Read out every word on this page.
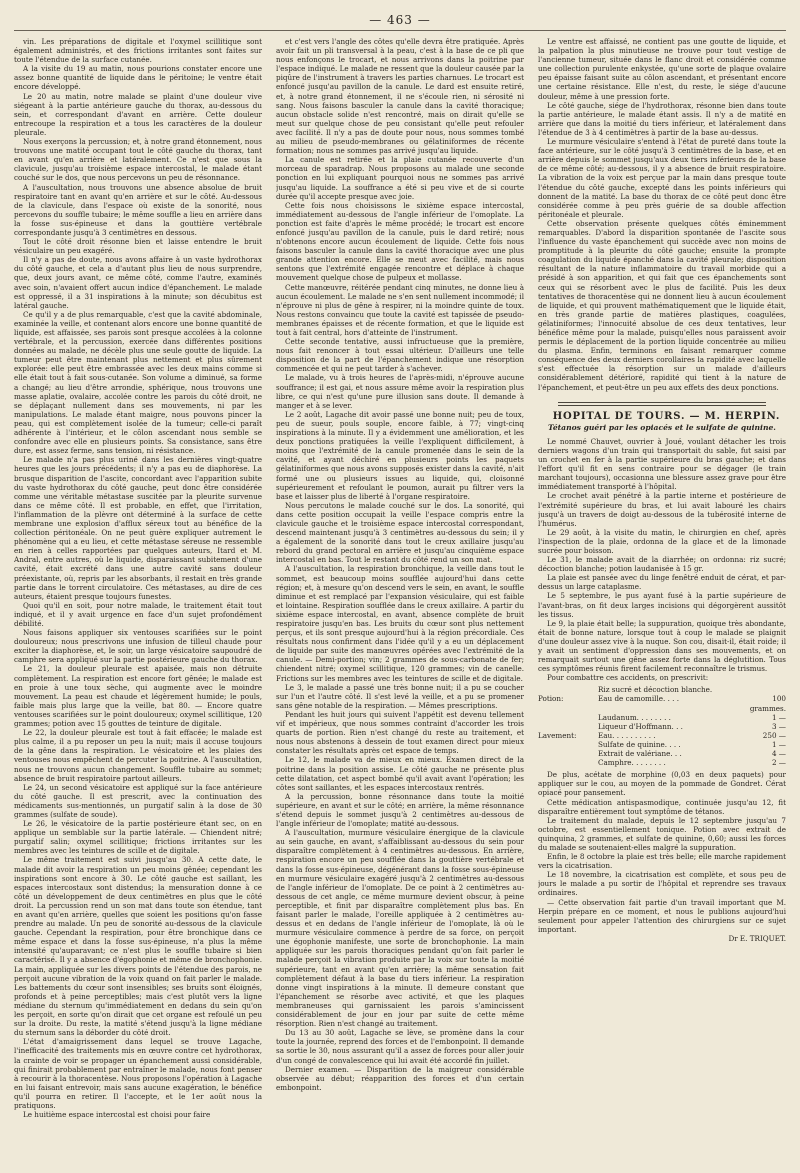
— 463 —

vin. Les préparations de digitale et l'oxymel scillitique sont également administrés, et des frictions irritantes sont faites sur toute l'étendue de la surface cutanée.

A la visite du 19 au matin, nous pourions constater encore une assez bonne quantité de liquide dans le péritoine; le ventre était encore développé.

Le 20 au matin, notre malade se plaint d'une douleur vive siégeant à la partie antérieure gauche du thorax, au-dessous du sein, et correspondant d'avant en arrière. Cette douleur entrecoupe la respiration et a tous les caractères de la douleur pleurale.

Nous exerçons la percussion; et, à notre grand étonnement, nous trouvons une matité occupant tout le côté gauche du thorax, tant en avant qu'en arrière et latéralement. Ce n'est que sous la clavicule, jusqu'au troisième espace intercostal, le malade étant couché sur le dos, que nous percevons un peu de résonnance.

A l'auscultation, nous trouvons une absence absolue de bruit respiratoire tant en avant qu'en arrière et sur le côté. Au-dessous de la clavicule, dans l'espace où existe de la sonorité, nous percevons du souffle tubaire; le même souffle a lieu en arrière dans la fosse sus-épineuse et dans la gouttière vertébrale correspondante jusqu'à 3 centimètres en dessous.

Tout le côté droit résonne bien et laisse entendre le bruit vésiculaire un peu exagéré.

Il n'y a pas de doute, nous avons affaire à un vaste hydrothorax du côté gauche, et cela a d'autant plus lieu de nous surprendre, que, deux jours avant, ce même côté, comme l'autre, examinés avec soin, n'avaient offert aucun indice d'épanchement. Le malade est oppressé, il a 31 inspirations à la minute; son décubitus est latéral gauche.

Ce qu'il y a de plus remarquable, c'est que la cavité abdominale, examinée la veille, et contenant alors encore une bonne quantité de liquide, est affaissée, ses parois sont presque accolées à la colonne vertébrale, et la percussion, exercée dans différentes positions données au malade, ne décèle plus une seule goutte de liquide. La tumeur peut être maintenant plus nettement et plus sûrement explorée: elle peut être embrassée avec les deux mains comme si elle était tout à fait sous-cutanée. Son volume a diminué, sa forme a changé; au lieu d'être arrondie, sphérique, nous trouvons une masse aplatie, ovalaire, accolée contre les parois du côté droit, ne se déplaçant nullement dans ses mouvements, ni par les manipulations. Le malade étant maigre, nous pouvons pincer la peau, qui est complètement isolée de la tumeur; celle-ci paraît adhérente à l'intérieur, et le côlon ascendant nous semble se confondre avec elle en plusieurs points. Sa consistance, sans être dure, est assez ferme, sans tension, ni résistance.

Le malade n'a pas plus uriné dans les dernières vingt-quatre heures que les jours précédents; il n'y a pas eu de diaphorèse. La brusque disparition de l'ascite, concordant avec l'apparition subite du vaste hydrothorax du côté gauche, peut donc être considérée comme une véritable métastase suscitée par la pleurite survenue dans ce même côté. Il est probable, en effet, que l'irritation, l'inflammation de la plèvre ont déterminé à la surface de cette membrane une explosion d'afflux séreux tout au bénéfice de la collection péritonéale. On ne peut guère expliquer autrement le phénomène qui a eu lieu, et cette métastase séreuse ne ressemble en rien à celles rapportées par quelques auteurs, Itard et M. Andral, entre autres, où le liquide, disparaissant subitement d'une cavité, était excrété dans une autre cavité sans douleur préexistante, où, repris par les absorbants, il restait en très grande partie dans le torrent circulatoire. Ces métastases, au dire de ces auteurs, étaient presque toujours funestes.

Quoi qu'il en soit, pour notre malade, le traitement était tout indiqué, et il y avait urgence en face d'un sujet profondément débilité.

Nous faisons appliquer six ventouses scarifiées sur le point douloureux; nous prescrivons une infusion de tilleul chaude pour exciter la diaphorèse, et, le soir, un large vésicatoire saupoudré de camphre sera appliqué sur la partie postérieure gauche du thorax.

Le 21, la douleur pleurale est apaisée, mais non détruite complètement. La respiration est encore fort gênée; le malade est en proie à une toux sèche, qui augmente avec le moindre mouvement. La peau est chaude et légèrement humide; le pouls, faible mais plus large que la veille, bat 80. — Encore quatre ventouses scarifiées sur le point douloureux; oxymel scillitique, 120 grammes; potion avec 15 gouttes de teinture de digitale.

Le 22, la douleur pleurale est tout à fait effacée; le malade est plus calme, il a pu reposer un peu la nuit; mais il accuse toujours de la gêne dans la respiration. Le vésicatoire et les plaies des ventouses nous empêchent de percuter la poitrine. A l'auscultation, nous ne trouvons aucun changement. Souffle tubaire au sommet; absence de bruit respiratoire partout ailleurs.

Le 24, un second vésicatoire est appliqué sur la face antérieure du côté gauche. Il est prescrit, avec la continuation des médicaments sus-mentionnés, un purgatif salin à la dose de 30 grammes (sulfate de soude).

Le 26, le vésicatoire de la partie postérieure étant sec, on en applique un semblable sur la partie latérale. — Chiendent nitré; purgatif salin; oxymel scillitique; frictions irritantes sur les membres avec les teintures de scille et de digitale.

Le même traitement est suivi jusqu'au 30. A cette date, le malade dit avoir la respiration un peu moins gênée; cependant les inspirations sont encore à 30. Le côté gauche est saillant, les espaces intercostaux sont distendus; la mensuration donne à ce côté un développement de deux centimètres en plus que le côté droit. La percussion rend un son mat dans toute son étendue, tant en avant qu'en arrière, quelles que soient les positions qu'on fasse prendre au malade. Un peu de sonorité au-dessous de la clavicule gauche. Cependant la respiration, pour être bronchique dans ce même espace et dans la fosse sus-épineuse, n'a plus la même intensité qu'auparavant; ce n'est plus le souffle tubaire si bien caractérisé. Il y a absence d'égophonie et même de bronchophonie. La main, appliquée sur les divers points de l'étendue des parois, ne perçoit aucune vibration de la voix quand on fait parler le malade. Les battements du cœur sont insensibles; ses bruits sont éloignés, profonds et à peine perceptibles; mais c'est plutôt vers la ligne médiane du sternum qu'immédiatement en dedans du sein qu'on les perçoit, en sorte qu'on dirait que cet organe est refoulé un peu sur la droite. Du reste, la matité s'étend jusqu'à la ligne médiane du sternum sans la déborder du côté droit.

L'état d'amaigrissement dans lequel se trouve Lagache, l'inefficacité des traitements mis en œuvre contre cet hydrothorax, la crainte de voir se propager un épanchement aussi considérable, qui finirait probablement par entraîner le malade, nous font penser à recourir à la thoracentèse. Nous proposons l'opération à Lagache en lui faisant entrevoir, mais sans aucune exagération, le bénéfice qu'il pourra en retirer. Il l'accepte, et le 1er août nous la pratiquons.

Le huitième espace intercostal est choisi pour faire

et c'est vers l'angle des côtes qu'elle devra être pratiquée. Après avoir fait un pli transversal à la peau, c'est à la base de ce pli que nous enfonçons le trocart, et nous arrivons dans la poitrine par l'espace indiqué. Le malade ne ressent que la douleur causée par la piqûre de l'instrument à travers les parties charnues. Le trocart est enfoncé jusqu'au pavillon de la canule. Le dard est ensuite retiré, et, à notre grand étonnement, il ne s'écoule rien, ni sérosité ni sang. Nous faisons basculer la canule dans la cavité thoracique; aucun obstacle solide n'est rencontré, mais on dirait qu'elle se meut sur quelque chose de peu consistant qu'elle peut refouler avec facilité. Il n'y a pas de doute pour nous, nous sommes tombé au milieu de pseudo-membranes ou gélatiniformes de récente formation; nous ne sommes pas arrivé jusqu'au liquide.

La canule est retirée et la plaie cutanée recouverte d'un morceau de sparadrap. Nous proposons au malade une seconde ponction en lui expliquant pourquoi nous ne sommes pas arrivé jusqu'au liquide. La souffrance a été si peu vive et de si courte durée qu'il accepte presque avec joie.

Cette fois nous choisissons le sixième espace intercostal, immédiatement au-dessous de l'angle inférieur de l'omoplate. La ponction est faite d'après le même procédé; le trocart est encore enfoncé jusqu'au pavillon de la canule, puis le dard retiré; nous n'obtenons encore aucun écoulement de liquide. Cette fois nous faisons basculer la canule dans la cavité thoracique avec une plus grande attention encore. Elle se meut avec facilité, mais nous sentons que l'extrémité engagée rencontre et déplace à chaque mouvement quelque chose de pulpeux et mollasse.

Cette manœuvre, réitérée pendant cinq minutes, ne donne lieu à aucun écoulement. Le malade ne s'en sent nullement incommodé; il n'éprouve ni plus de gêne à respirer, ni la moindre quinte de toux. Nous restons convaincu que toute la cavité est tapissée de pseudo-membranes épaisses et de récente formation, et que le liquide est tout à fait central, hors d'atteinte de l'instrument.

Cette seconde tentative, aussi infructueuse que la première, nous fait renoncer à tout essai ultérieur. D'ailleurs une telle disposition de la part de l'épanchement indique une résorption commencée et qui ne peut tarder à s'achever.

Le malade, vu à trois heures de l'après-midi, n'éprouve aucune souffrance; il est gai, et nous assure même avoir la respiration plus libre, ce qui n'est qu'une pure illusion sans doute. Il demande à manger et à se lever.

Le 2 août, Lagache dit avoir passé une bonne nuit; peu de toux, peu de sueur, pouls souple, encore faible, à 77; vingt-cinq inspirations à la minute. Il y a évidemment une amélioration, et les deux ponctions pratiquées la veille l'expliquent difficilement, à moins que l'extrémité de la canule promenée dans le sein de la cavité, et ayant déchiré en plusieurs points les paquets gélatiniformes que nous avons supposés exister dans la cavité, n'ait formé une ou plusieurs issues au liquide, qui, cloisonné supérieurement et refoulant le poumon, aurait pu filtrer vers la base et laisser plus de liberté à l'organe respiratoire.

Nous percutons le malade couché sur le dos. La sonorité, qui dans cette position occupait la veille l'espace compris entre la clavicule gauche et le troisième espace intercostal correspondant, descend maintenant jusqu'à 3 centimètres au-dessous du sein; il y a également de la sonorité dans tout le creux axillaire jusqu'au rebord du grand pectoral en arrière et jusqu'au cinquième espace intercostal en bas. Tout le restant du côté rend un son mat.

A l'auscultation, la respiration bronchique, la veille dans tout le sommet, est beaucoup moins soufflée aujourd'hui dans cette région; et, à mesure qu'on descend vers le sein, en avant, le souffle diminue et est remplacé par l'expansion vésiculaire, qui est faible et lointaine. Respiration soufflée dans le creux axillaire. A partir du sixième espace intercostal, en avant, absence complète de bruit respiratoire jusqu'en bas. Les bruits du cœur sont plus nettement perçus, et ils sont presque aujourd'hui à la région précordiale. Ces résultats nous confirment dans l'idée qu'il y a eu un déplacement de liquide par suite des manœuvres opérées avec l'extrémité de la canule. — Demi-portion; vin; 2 grammes de sous-carbonate de fer; chiendent nitré; oxymel scillitique, 120 grammes; vin de canelle. Frictions sur les membres avec les teintures de scille et de digitale.

Le 3, le malade a passé une très bonne nuit; il a pu se coucher sur l'un et l'autre côté. Il s'est levé la veille, et a pu se promener sans gêne notable de la respiration. — Mêmes prescriptions.

Pendant les huit jours qui suivent l'appétit est devenu tellement vif et impérieux, que nous sommes contraint d'accorder les trois quarts de portion. Rien n'est changé du reste au traitement, et nous nous abstenons à dessein de tout examen direct pour mieux constater les résultats après cet espace de temps.

Le 12, le malade va de mieux en mieux. Examen direct de la poitrine dans la position assise. Le côté gauche ne présente plus cette dilatation, cet aspect bombé qu'il avait avant l'opération; les côtes sont saillantes, et les espaces intercostaux rentrés.

A la percussion, bonne résonnance dans toute la moitié supérieure, en avant et sur le côté; en arrière, la même résonnance s'étend depuis le sommet jusqu'à 2 centimètres au-dessous de l'angle inférieur de l'omoplate; matité au-dessous.

A l'auscultation, murmure vésiculaire énergique de la clavicule au sein gauche, en avant, s'affaiblissant au-dessous du sein pour disparaître complètement à 4 centimètres au-dessous. En arrière, respiration encore un peu soufflée dans la gouttière vertébrale et dans la fosse sus-épineuse, dégénérant dans la fosse sous-épineuse en murmure vésiculaire exagéré jusqu'à 2 centimètres au-dessous de l'angle inférieur de l'omoplate. De ce point à 2 centimètres au-dessous de cet angle, ce même murmure devient obscur, à peine perceptible, et finit par disparaître complètement plus bas. En faisant parler le malade, l'oreille appliquée à 2 centimètres au-dessus et en dedans de l'angle inférieur de l'omoplate, là où le murmure vésiculaire commence à perdre de sa force, on perçoit une égophonie manifeste, une sorte de bronchophonie. La main appliquée sur les parois thoraciques pendant qu'on fait parler le malade perçoit la vibration produite par la voix sur toute la moitié supérieure, tant en avant qu'en arrière; la même sensation fait complètement défaut à la base du tiers inférieur. La respiration donne vingt inspirations à la minute. Il demeure constant que l'épanchement se résorbe avec activité, et que les plaques membraneuses qui garnissaient les parois s'amincissent considérablement de jour en jour par suite de cette même résorption. Rien n'est changé au traitement.

Du 13 au 30 août, Lagache se lève, se promène dans la cour toute la journée, reprend des forces et de l'embonpoint. Il demande sa sortie le 30, nous assurant qu'il a assez de forces pour aller jouir d'un congé de convalescence qui lui avait été accordé fin juillet.

Dernier examen. — Disparition de la maigreur considérable observée au début; réapparition des forces et d'un certain embonpoint.

Le ventre est affaissé, ne contient pas une goutte de liquide, et la palpation la plus minutieuse ne trouve pour tout vestige de l'ancienne tumeur, située dans le flanc droit et considérée comme une collection purulente enkystée, qu'une sorte de plaque ovalaire peu épaisse faisant suite au côlon ascendant, et présentant encore une certaine résistance. Elle n'est, du reste, le siége d'aucune douleur, même à une pression forte.

Le côté gauche, siége de l'hydrothorax, résonne bien dans toute la partie antérieure, le malade étant assis. Il n'y a de matité en arrière que dans la moitié du tiers inférieur, et latéralement dans l'étendue de 3 à 4 centimètres à partir de la base au-dessus.

Le murmure vésiculaire s'entend à l'état de pureté dans toute la face antérieure, sur le côté jusqu'à 3 centimètres de la base, et en arrière depuis le sommet jusqu'aux deux tiers inférieurs de la base de ce même côté; au-dessous, il y a absence de bruit respiratoire. La vibration de la voix est perçue par la main dans presque toute l'étendue du côté gauche, excepté dans les points inférieurs qui donnent de la matité. La base du thorax de ce côté peut donc être considérée comme à peu près guérie de sa double affection péritonéale et pleurale.

Cette observation présente quelques côtés éminemment remarquables. D'abord la disparition spontanée de l'ascite sous l'influence du vaste épanchement qui succède avec non moins de promptitude à la pleurite du côté gauche; ensuite la prompte coagulation du liquide épanché dans la cavité pleurale; disposition résultant de la nature inflammatoire du travail morbide qui a présidé à son apparition, et qui fait que ces épanchements sont ceux qui se résorbent avec le plus de facilité. Puis les deux tentatives de thoracentèse qui ne donnent lieu à aucun écoulement de liquide, et qui prouvent mathématiquement que le liquide était, en très grande partie de matières plastiques, coagulées, gélatiniformes; l'innocuité absolue de ces deux tentatives, leur bénéfice même pour la malade, puisqu'elles nous paraissent avoir permis le déplacement de la portion liquide concentrée au milieu du plasma. Enfin, terminons en faisant remarquer comme conséquence des deux derniers corollaires la rapidité avec laquelle s'est effectuée la résorption sur un malade d'ailleurs considérablement détérioré, rapidité qui tient à la nature de l'épanchement, et peut-être un peu aux effets des deux ponctions.

HOPITAL DE TOURS. — M. HERPIN.

Tétanos guéri par les opiacés et le sulfate de quinine.

Le nommé Chauvet, ouvrier à Joué, voulant détacher les trois derniers wagons d'un train qui transportait du sable, fut saisi par un crochet en fer à la partie supérieure du bras gauche; et dans l'effort qu'il fit en sens contraire pour se dégager (le train marchant toujours), occasionna une blessure assez grave pour être immédiatement transporté à l'hôpital.

Le crochet avait pénétré à la partie interne et postérieure de l'extrémité supérieure du bras, et lui avait labouré les chairs jusqu'à un travers de doigt au-dessous de la tubérosité interne de l'humérus.

Le 29 août, à la visite du matin, le chirurgien en chef, après l'inspection de la plaie, ordonna de la glace et de la limonade sucrée pour boisson.

Le 31, le malade avait de la diarrhée; on ordonna: riz sucré; décoction blanche; potion laudanisée à 15 gr.

La plaie est pansée avec du linge fenêtré enduit de cérat, et par-dessus un large cataplasme.

Le 5 septembre, le pus ayant fusé à la partie supérieure de l'avant-bras, on fit deux larges incisions qui dégorgèrent aussitôt les tissus.

Le 9, la plaie était belle; la suppuration, quoique très abondante, était de bonne nature, lorsque tout à coup le malade se plaignit d'une douleur assez vive à la nuque. Son cou, disait-il, était roide; il y avait un sentiment d'oppression dans ses mouvements, et on remarquait surtout une gêne assez forte dans la déglutition. Tous ces symptômes réunis firent facilement reconnaître le trismus.

Pour combattre ces accidents, on prescrivit:

Riz sucré et décoction blanche.
Potion:	Eau de camomille. . . .	100 grammes.
Laudanum. . . . . . . .	1 —
Liqueur d'Hoffmann. . .	3 —
Lavement:	Eau. . . . . . . . . .	250 —
Sulfate de quinine. . . .	1 —
Extrait de valériane. . .	4 —
Camphre. . . . . . . .	2 —

De plus, acétate de morphine (0,03 en deux paquets) pour appliquer sur le cou, au moyen de la pommade de Gondret. Cérat opiacé pour pansement.

Cette médication antispasmodique, continuée jusqu'au 12, fit disparaître entièrement tout symptôme de tétanos.

Le traitement du malade, depuis le 12 septembre jusqu'au 7 octobre, est essentiellement tonique. Potion avec extrait de quinquina, 2 grammes, et sulfate de quinine, 0,60; aussi les forces du malade se soutenaient-elles malgré la suppuration.

Enfin, le 8 octobre la plaie est très belle; elle marche rapidement vers la cicatrisation.

Le 18 novembre, la cicatrisation est complète, et sous peu de jours le malade a pu sortir de l'hôpital et reprendre ses travaux ordinaires.

— Cette observation fait partie d'un travail important que M. Herpin prépare en ce moment, et nous le publions aujourd'hui seulement pour appeler l'attention des chirurgiens sur ce sujet important.

Dr E. TRIQUET.
